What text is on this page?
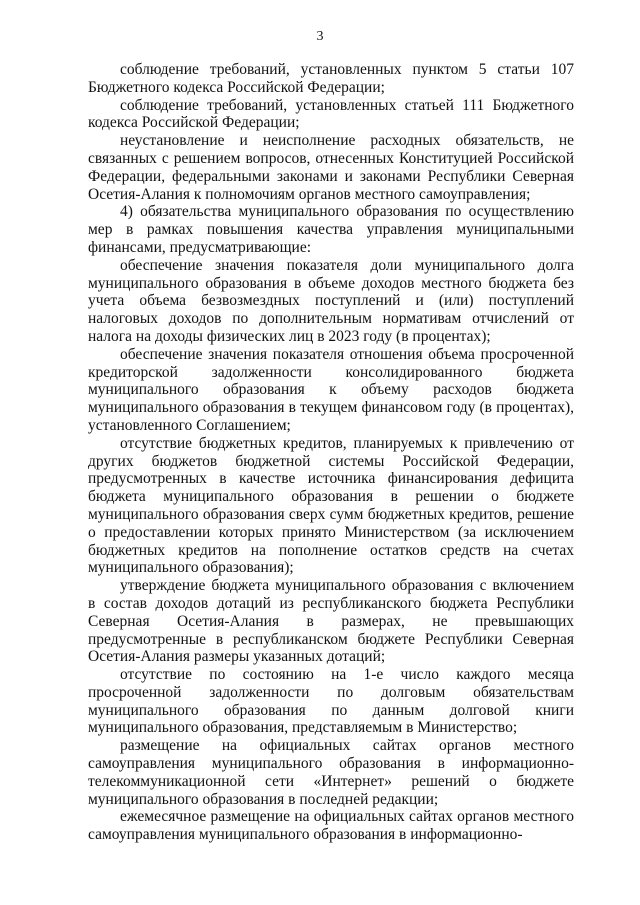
3

соблюдение требований, установленных пунктом 5 статьи 107 Бюджетного кодекса Российской Федерации;

соблюдение требований, установленных статьей 111 Бюджетного кодекса Российской Федерации;

неустановление и неисполнение расходных обязательств, не связанных с решением вопросов, отнесенных Конституцией Российской Федерации, федеральными законами и законами Республики Северная Осетия-Алания к полномочиям органов местного самоуправления;

4) обязательства муниципального образования по осуществлению мер в рамках повышения качества управления муниципальными финансами, предусматривающие:

обеспечение значения показателя доли муниципального долга муниципального образования в объеме доходов местного бюджета без учета объема безвозмездных поступлений и (или) поступлений налоговых доходов по дополнительным нормативам отчислений от налога на доходы физических лиц в 2023 году (в процентах);

обеспечение значения показателя отношения объема просроченной кредиторской задолженности консолидированного бюджета муниципального образования к объему расходов бюджета муниципального образования в текущем финансовом году (в процентах), установленного Соглашением;

отсутствие бюджетных кредитов, планируемых к привлечению от других бюджетов бюджетной системы Российской Федерации, предусмотренных в качестве источника финансирования дефицита бюджета муниципального образования в решении о бюджете муниципального образования сверх сумм бюджетных кредитов, решение о предоставлении которых принято Министерством (за исключением бюджетных кредитов на пополнение остатков средств на счетах муниципального образования);

утверждение бюджета муниципального образования с включением в состав доходов дотаций из республиканского бюджета Республики Северная Осетия-Алания в размерах, не превышающих предусмотренные в республиканском бюджете Республики Северная Осетия-Алания размеры указанных дотаций;

отсутствие по состоянию на 1-е число каждого месяца просроченной задолженности по долговым обязательствам муниципального образования по данным долговой книги муниципального образования, представляемым в Министерство;

размещение на официальных сайтах органов местного самоуправления муниципального образования в информационно-телекоммуникационной сети «Интернет» решений о бюджете муниципального образования в последней редакции;

ежемесячное размещение на официальных сайтах органов местного самоуправления муниципального образования в информационно-
